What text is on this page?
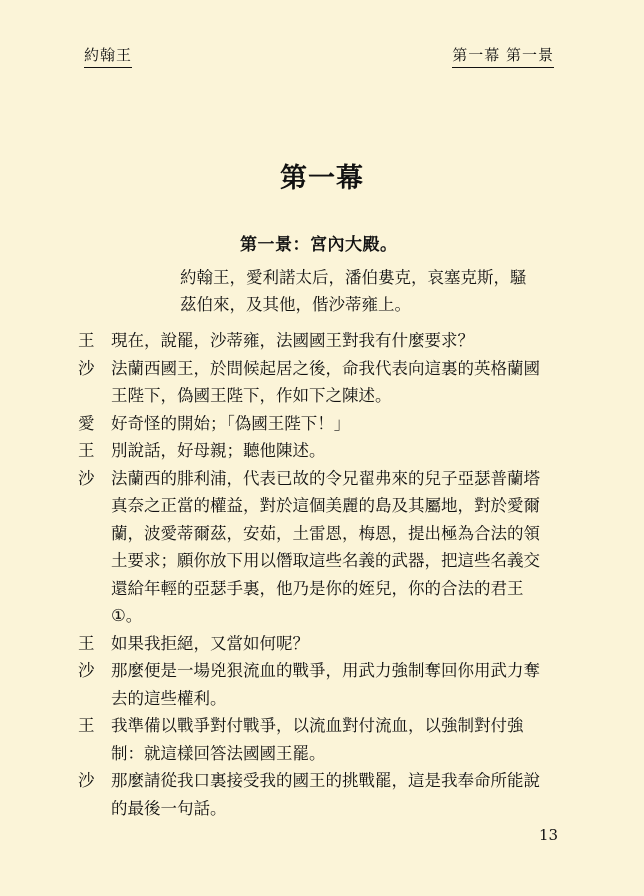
約翰王	第一幕 第一景
第一幕
第一景：宮內大殿。

約翰王，愛利諾太后，潘伯婁克，哀塞克斯，騷

茲伯來，及其他，偕沙蒂雍上。

王	現在，說罷，沙蒂雍，法國國王對我有什麼要求？
沙	法蘭西國王，於問候起居之後，命我代表向這裏的英格蘭國
王陛下，偽國王陛下，作如下之陳述。
愛	好奇怪的開始；「偽國王陛下！」
王	別說話，好母親；聽他陳述。
沙	法蘭西的腓利浦，代表已故的令兄翟弗來的兒子亞瑟普蘭塔
真奈之正當的權益，對於這個美麗的島及其屬地，對於愛爾
蘭，波愛蒂爾茲，安茹，土雷恩，梅恩，提出極為合法的領
土要求；願你放下用以僭取這些名義的武器，把這些名義交
還給年輕的亞瑟手裏，他乃是你的姪兒，你的合法的君王
①。
王	如果我拒絕，又當如何呢？
沙	那麼便是一場兇狠流血的戰爭，用武力強制奪回你用武力奪
去的這些權利。
王	我準備以戰爭對付戰爭，以流血對付流血，以強制對付強
制：就這樣回答法國國王罷。
沙	那麼請從我口裏接受我的國王的挑戰罷，這是我奉命所能說
的最後一句話。
13
